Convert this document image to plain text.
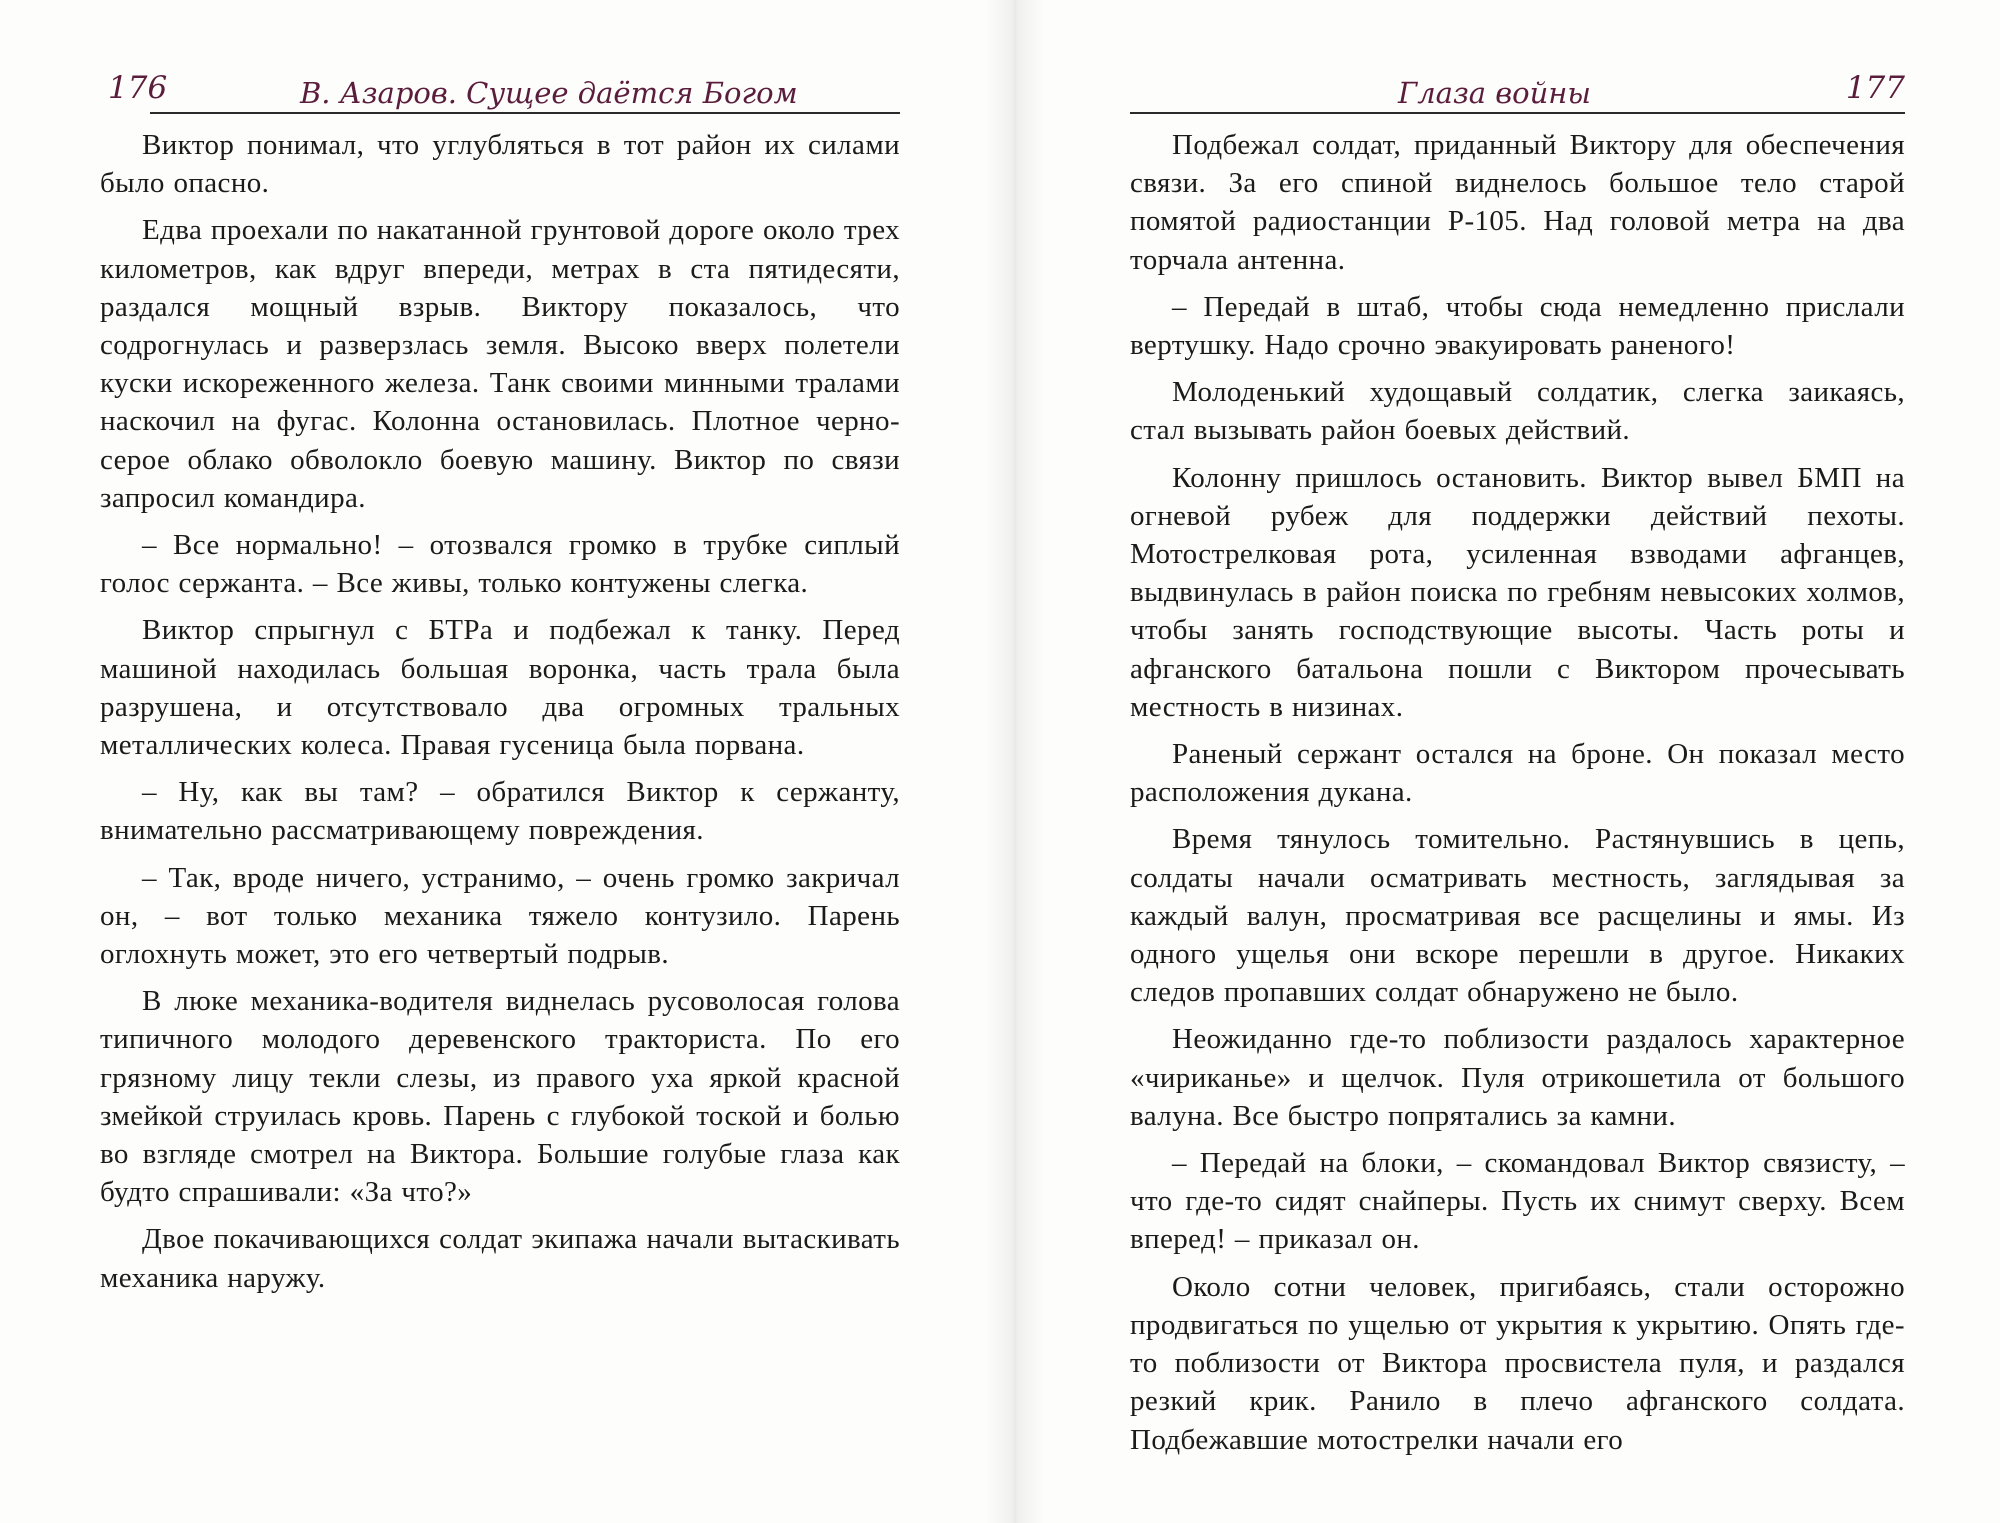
176	В. Азаров. Сущее даётся Богом

Виктор понимал, что углубляться в тот район их силами было опасно.

Едва проехали по накатанной грунтовой дороге около трех километров, как вдруг впереди, метрах в ста пятидесяти, раздался мощный взрыв. Виктору показалось, что содрогнулась и разверзлась земля. Высоко вверх полетели куски искореженного железа. Танк своими минными тралами наскочил на фугас. Колонна остановилась. Плотное черно-серое облако обволокло боевую машину. Виктор по связи запросил командира.

– Все нормально! – отозвался громко в трубке сиплый голос сержанта. – Все живы, только контужены слегка.

Виктор спрыгнул с БТРа и подбежал к танку. Перед машиной находилась большая воронка, часть трала была разрушена, и отсутствовало два огромных тральных металлических колеса. Правая гусеница была порвана.

– Ну, как вы там? – обратился Виктор к сержанту, внимательно рассматривающему повреждения.

– Так, вроде ничего, устранимо, – очень громко закричал он, – вот только механика тяжело контузило. Парень оглохнуть может, это его четвертый подрыв.

В люке механика-водителя виднелась русоволосая голова типичного молодого деревенского тракториста. По его грязному лицу текли слезы, из правого уха яркой красной змейкой струилась кровь. Парень с глубокой тоской и болью во взгляде смотрел на Виктора. Большие голубые глаза как будто спрашивали: «За что?»

Двое покачивающихся солдат экипажа начали вытаскивать механика наружу.

Глаза войны	177

Подбежал солдат, приданный Виктору для обеспечения связи. За его спиной виднелось большое тело старой помятой радиостанции Р-105. Над головой метра на два торчала антенна.

– Передай в штаб, чтобы сюда немедленно прислали вертушку. Надо срочно эвакуировать раненого!

Молоденький худощавый солдатик, слегка заикаясь, стал вызывать район боевых действий.

Колонну пришлось остановить. Виктор вывел БМП на огневой рубеж для поддержки действий пехоты. Мотострелковая рота, усиленная взводами афганцев, выдвинулась в район поиска по гребням невысоких холмов, чтобы занять господствующие высоты. Часть роты и афганского батальона пошли с Виктором прочесывать местность в низинах.

Раненый сержант остался на броне. Он показал место расположения дукана.

Время тянулось томительно. Растянувшись в цепь, солдаты начали осматривать местность, заглядывая за каждый валун, просматривая все расщелины и ямы. Из одного ущелья они вскоре перешли в другое. Никаких следов пропавших солдат обнаружено не было.

Неожиданно где-то поблизости раздалось характерное «чириканье» и щелчок. Пуля отрикошетила от большого валуна. Все быстро попрятались за камни.

– Передай на блоки, – скомандовал Виктор связисту, – что где-то сидят снайперы. Пусть их снимут сверху. Всем вперед! – приказал он.

Около сотни человек, пригибаясь, стали осторожно продвигаться по ущелью от укрытия к укрытию. Опять где-то поблизости от Виктора просвистела пуля, и раздался резкий крик. Ранило в плечо афганского солдата. Подбежавшие мотострелки начали его
